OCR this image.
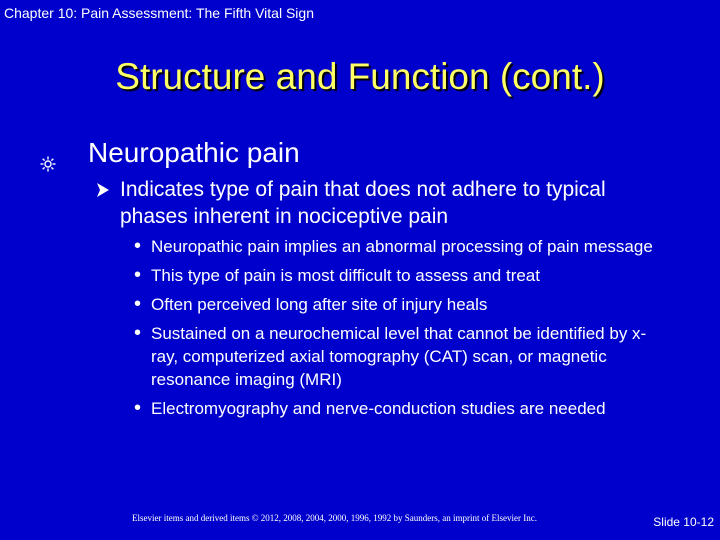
Chapter 10: Pain Assessment: The Fifth Vital Sign
Structure and Function (cont.)
Neuropathic pain
Indicates type of pain that does not adhere to typical phases inherent in nociceptive pain
• Neuropathic pain implies an abnormal processing of pain message
• This type of pain is most difficult to assess and treat
• Often perceived long after site of injury heals
• Sustained on a neurochemical level that cannot be identified by x-ray, computerized axial tomography (CAT) scan, or magnetic resonance imaging (MRI)
• Electromyography and nerve-conduction studies are needed
Elsevier items and derived items © 2012, 2008, 2004, 2000, 1996, 1992 by Saunders, an imprint of Elsevier Inc.	Slide 10-12
